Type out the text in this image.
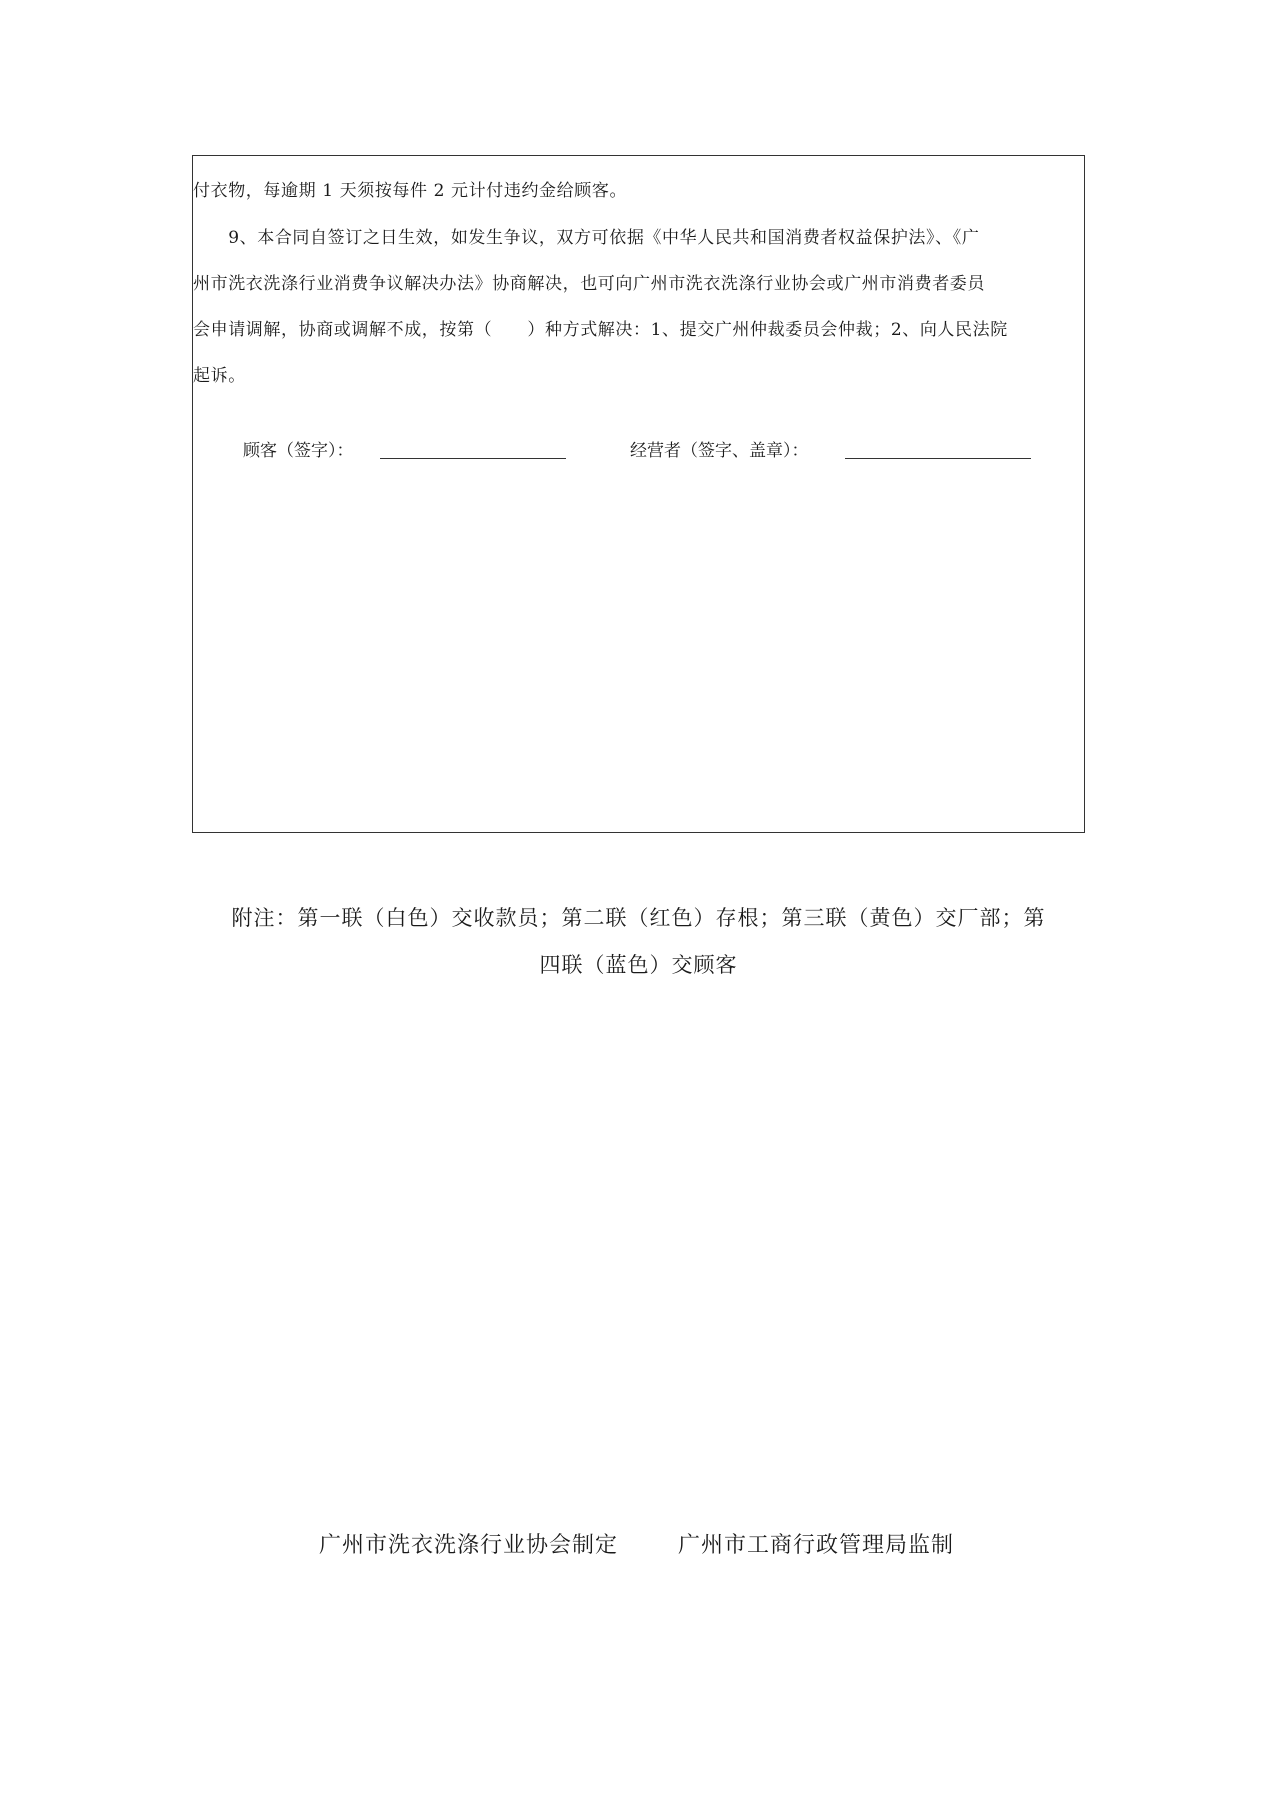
付衣物，每逾期 1 天须按每件 2 元计付违约金给顾客。
　　9、本合同自签订之日生效，如发生争议，双方可依据《中华人民共和国消费者权益保护法》、《广
州市洗衣洗涤行业消费争议解决办法》协商解决，也可向广州市洗衣洗涤行业协会或广州市消费者委员
会申请调解，协商或调解不成，按第（　　）种方式解决：1、提交广州仲裁委员会仲裁；2、向人民法院
起诉。
顾客（签字）：	经营者（签字、盖章）：
附注：第一联（白色）交收款员；第二联（红色）存根；第三联（黄色）交厂部；第
四联（蓝色）交顾客
广州市洗衣洗涤行业协会制定	广州市工商行政管理局监制
